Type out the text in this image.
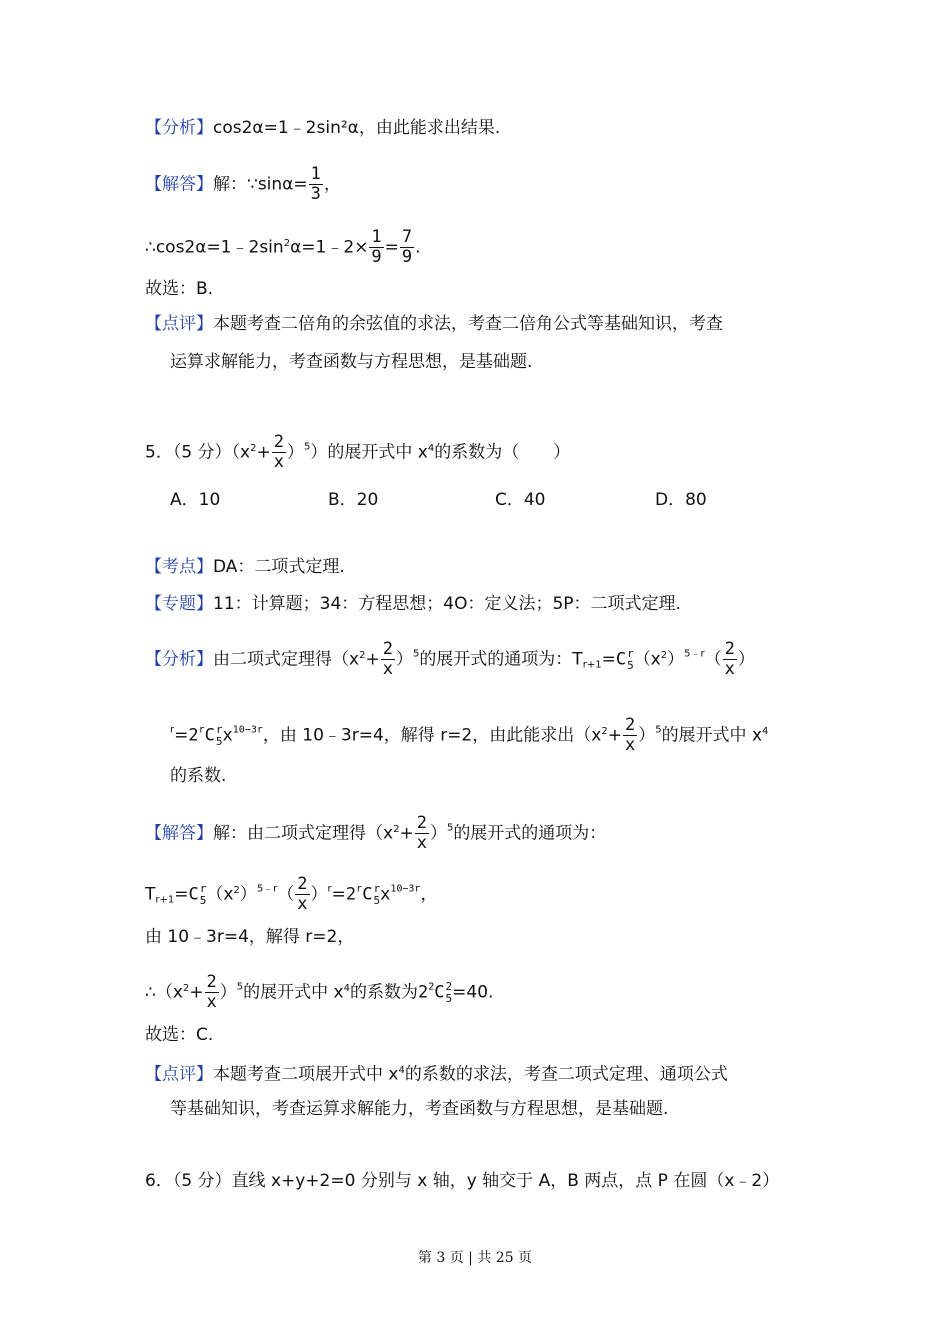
【分析】cos2α=1﹣2sin²α，由此能求出结果.
【解答】解：∵sinα= $\frac{1}{3}$ ，
$\therefore\cos 2\alpha=1﹣2\sin^2\alpha=1﹣2\times \frac{1}{9} = \frac{7}{9}$ .
故选：B.
【点评】本题考查二倍角的余弦值的求法，考查二倍角公式等基础知识，考查
运算求解能力，考查函数与方程思想，是基础题.
5．（5 分）$(x^2+ \frac{2}{x} )^5$）的展开式中 $x^4$的系数为（　　）
A．10	B．20	C．40	D．80
【考点】DA：二项式定理.
【专题】11：计算题；34：方程思想；4O：定义法；5P：二项式定理.
【分析】由二项式定理得$(x^2+ \frac{2}{x} )^5$的展开式的通项为：$T_{r+1}=C$ r
5 $(x^2)^{5﹣r}( \frac{2}{x}$ ）
$^r=2^rC$ r
5 $x^{10-3r}$，由 10﹣3r=4，解得 r=2，由此能求出$(x^2+ \frac{2}{x} )^5$的展开式中 $x^4$
的系数.
【解答】解：由二项式定理得$(x^2+ \frac{2}{x} )^5$的展开式的通项为：
$T_{r+1}=C$ r
5 $(x^2)^{5﹣r}( \frac{2}{x} )^r=2^rC$ r
5 $x^{10-3r}$，
由 10﹣3r=4，解得 r=2，
$\therefore(x^2+ \frac{2}{x} )^5$的展开式中 $x^4$的系数为$2^2C$ 2
5 =40.
故选：C.
【点评】本题考查二项展开式中 $x^4$的系数的求法，考查二项式定理、通项公式
等基础知识，考查运算求解能力，考查函数与方程思想，是基础题.
6．（5 分）直线 x+y+2=0 分别与 x 轴，y 轴交于 A，B 两点，点 P 在圆（x﹣2）
第 3 页 | 共 25 页
